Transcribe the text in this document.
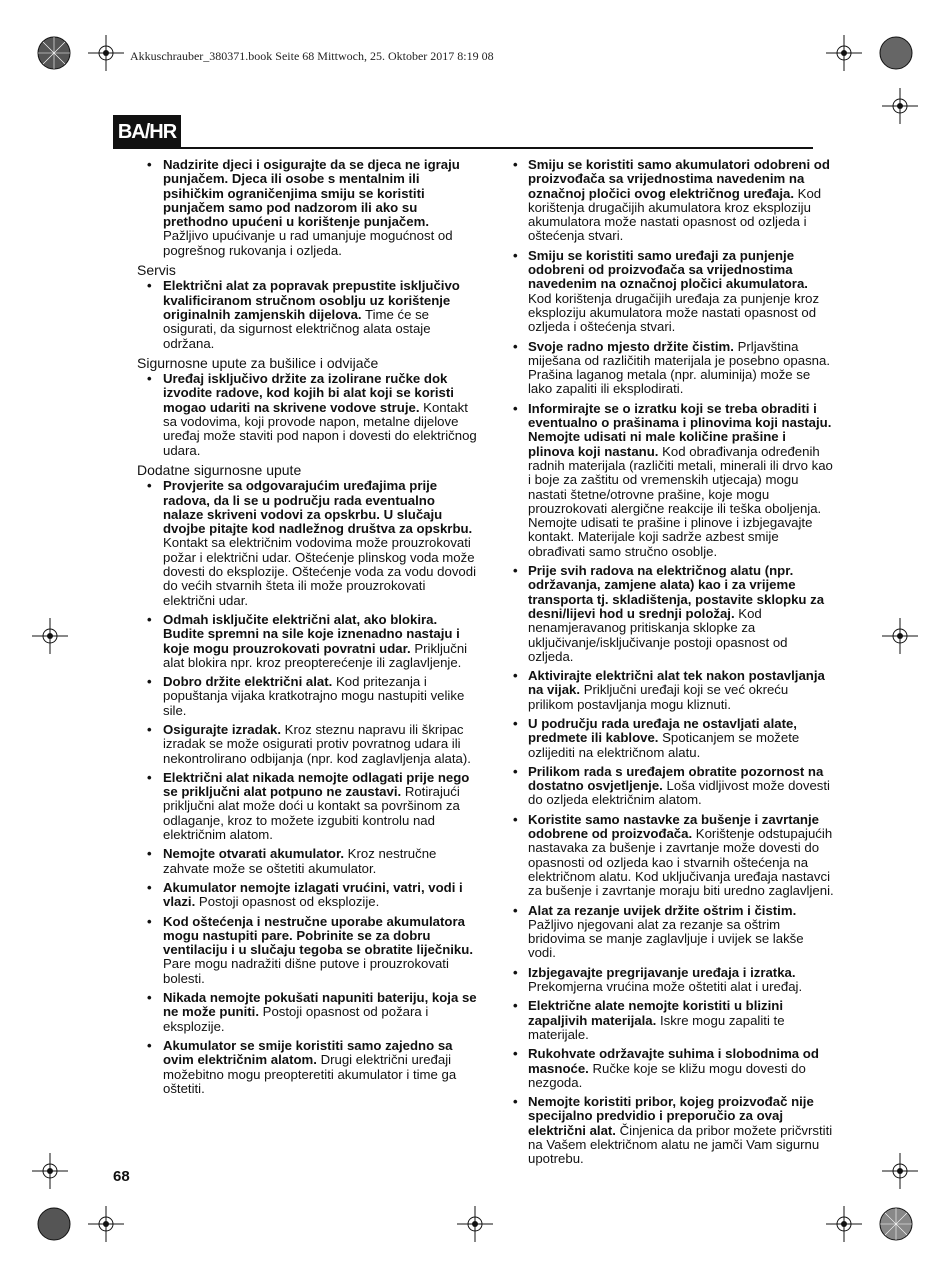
Akkuschrauber_380371.book Seite 68 Mittwoch, 25. Oktober 2017 8:19 08
BA/HR
• Nadzirite djeci i osigurajte da se djeca ne igraju punjačem. Djeca ili osobe s mentalnim ili psihičkim ograničenjima smiju se koristiti punjačem samo pod nadzorom ili ako su prethodno upućeni u korištenje punjačem. Pažljivo upućivanje u rad umanjuje mogućnost od pogrešnog rukovanja i ozljeda.
Servis
• Električni alat za popravak prepustite isključivo kvalificiranom stručnom osoblju uz korištenje originalnih zamjenskih dijelova. Time će se osigurati, da sigurnost električnog alata ostaje održana.
Sigurnosne upute za bušilice i odvijače
• Uređaj isključivo držite za izolirane ručke dok izvodite radove, kod kojih bi alat koji se koristi mogao udariti na skrivene vodove struje. Kontakt sa vodovima, koji provode napon, metalne dijelove uređaj može staviti pod napon i dovesti do električnog udara.
Dodatne sigurnosne upute
• Provjerite sa odgovarajućim uređajima prije radova, da li se u području rada eventualno nalaze skriveni vodovi za opskrbu. U slučaju dvojbe pitajte kod nadležnog društva za opskrbu. Kontakt sa električnim vodovima može prouzrokovati požar i električni udar. Oštećenje plinskog voda može dovesti do eksplozije. Oštećenje voda za vodu dovodi do većih stvarnih šteta ili može prouzrokovati električni udar.
• Odmah isključite električni alat, ako blokira. Budite spremni na sile koje iznenadno nastaju i koje mogu prouzrokovati povratni udar. Priključni alat blokira npr. kroz preopterećenje ili zaglavljenje.
• Dobro držite električni alat. Kod pritezanja i popuštanja vijaka kratkotrajno mogu nastupiti velike sile.
• Osigurajte izradak. Kroz steznu napravu ili škripac izradak se može osigurati protiv povratnog udara ili nekontrolirano odbijanja (npr. kod zaglavljenja alata).
• Električni alat nikada nemojte odlagati prije nego se priključni alat potpuno ne zaustavi. Rotirajući priključni alat može doći u kontakt sa površinom za odlaganje, kroz to možete izgubiti kontrolu nad električnim alatom.
• Nemojte otvarati akumulator. Kroz nestručne zahvate može se oštetiti akumulator.
• Akumulator nemojte izlagati vrućini, vatri, vodi i vlazi. Postoji opasnost od eksplozije.
• Kod oštećenja i nestručne uporabe akumulatora mogu nastupiti pare. Pobrinite se za dobru ventilaciju i u slučaju tegoba se obratite liječniku. Pare mogu nadražiti dišne putove i prouzrokovati bolesti.
• Nikada nemojte pokušati napuniti bateriju, koja se ne može puniti. Postoji opasnost od požara i eksplozije.
• Akumulator se smije koristiti samo zajedno sa ovim električnim alatom. Drugi električni uređaji možebitno mogu preopteretiti akumulator i time ga oštetiti.
• Smiju se koristiti samo akumulatori odobreni od proizvođača sa vrijednostima navedenim na označnoj pločici ovog električnog uređaja. Kod korištenja drugačijih akumulatora kroz eksploziju akumulatora može nastati opasnost od ozljeda i oštećenja stvari.
• Smiju se koristiti samo uređaji za punjenje odobreni od proizvođača sa vrijednostima navedenim na označnoj pločici akumulatora. Kod korištenja drugačijih uređaja za punjenje kroz eksploziju akumulatora može nastati opasnost od ozljeda i oštećenja stvari.
• Svoje radno mjesto držite čistim. Prljavština miješana od različitih materijala je posebno opasna. Prašina laganog metala (npr. aluminija) može se lako zapaliti ili eksplodirati.
• Informirajte se o izratku koji se treba obraditi i eventualno o prašinama i plinovima koji nastaju. Nemojte udisati ni male količine prašine i plinova koji nastanu. Kod obrađivanja određenih radnih materijala (različiti metali, minerali ili drvo kao i boje za zaštitu od vremenskih utjecaja) mogu nastati štetne/otrovne prašine, koje mogu prouzrokovati alergične reakcije ili teška oboljenja. Nemojte udisati te prašine i plinove i izbjegavajte kontakt. Materijale koji sadrže azbest smije obrađivati samo stručno osoblje.
• Prije svih radova na električnog alatu (npr. održavanja, zamjene alata) kao i za vrijeme transporta tj. skladištenja, postavite sklopku za desni/lijevi hod u srednji položaj. Kod nenamjeravanog pritiskanja sklopke za uključivanje/isključivanje postoji opasnost od ozljeda.
• Aktivirajte električni alat tek nakon postavljanja na vijak. Priključni uređaji koji se već okreću prilikom postavljanja mogu kliznuti.
• U području rada uređaja ne ostavljati alate, predmete ili kablove. Spoticanjem se možete ozlijediti na električnom alatu.
• Prilikom rada s uređajem obratite pozornost na dostatno osvjetljenje. Loša vidljivost može dovesti do ozljeda električnim alatom.
• Koristite samo nastavke za bušenje i zavrtanje odobrene od proizvođača. Korištenje odstupajućih nastavaka za bušenje i zavrtanje može dovesti do opasnosti od ozljeda kao i stvarnih oštećenja na električnom alatu. Kod uključivanja uređaja nastavci za bušenje i zavrtanje moraju biti uredno zaglavljeni.
• Alat za rezanje uvijek držite oštrim i čistim. Pažljivo njegovani alat za rezanje sa oštrim bridovima se manje zaglavljuje i uvijek se lakše vodi.
• Izbjegavajte pregrijavanje uređaja i izratka. Prekomjerna vrućina može oštetiti alat i uređaj.
• Električne alate nemojte koristiti u blizini zapaljivih materijala. Iskre mogu zapaliti te materijale.
• Rukohvate održavajte suhima i slobodnima od masnoće. Ručke koje se kližu mogu dovesti do nezgoda.
• Nemojte koristiti pribor, kojeg proizvođač nije specijalno predvidio i preporučio za ovaj električni alat. Činjenica da pribor možete pričvrstiti na Vašem električnom alatu ne jamči Vam sigurnu upotrebu.
68
